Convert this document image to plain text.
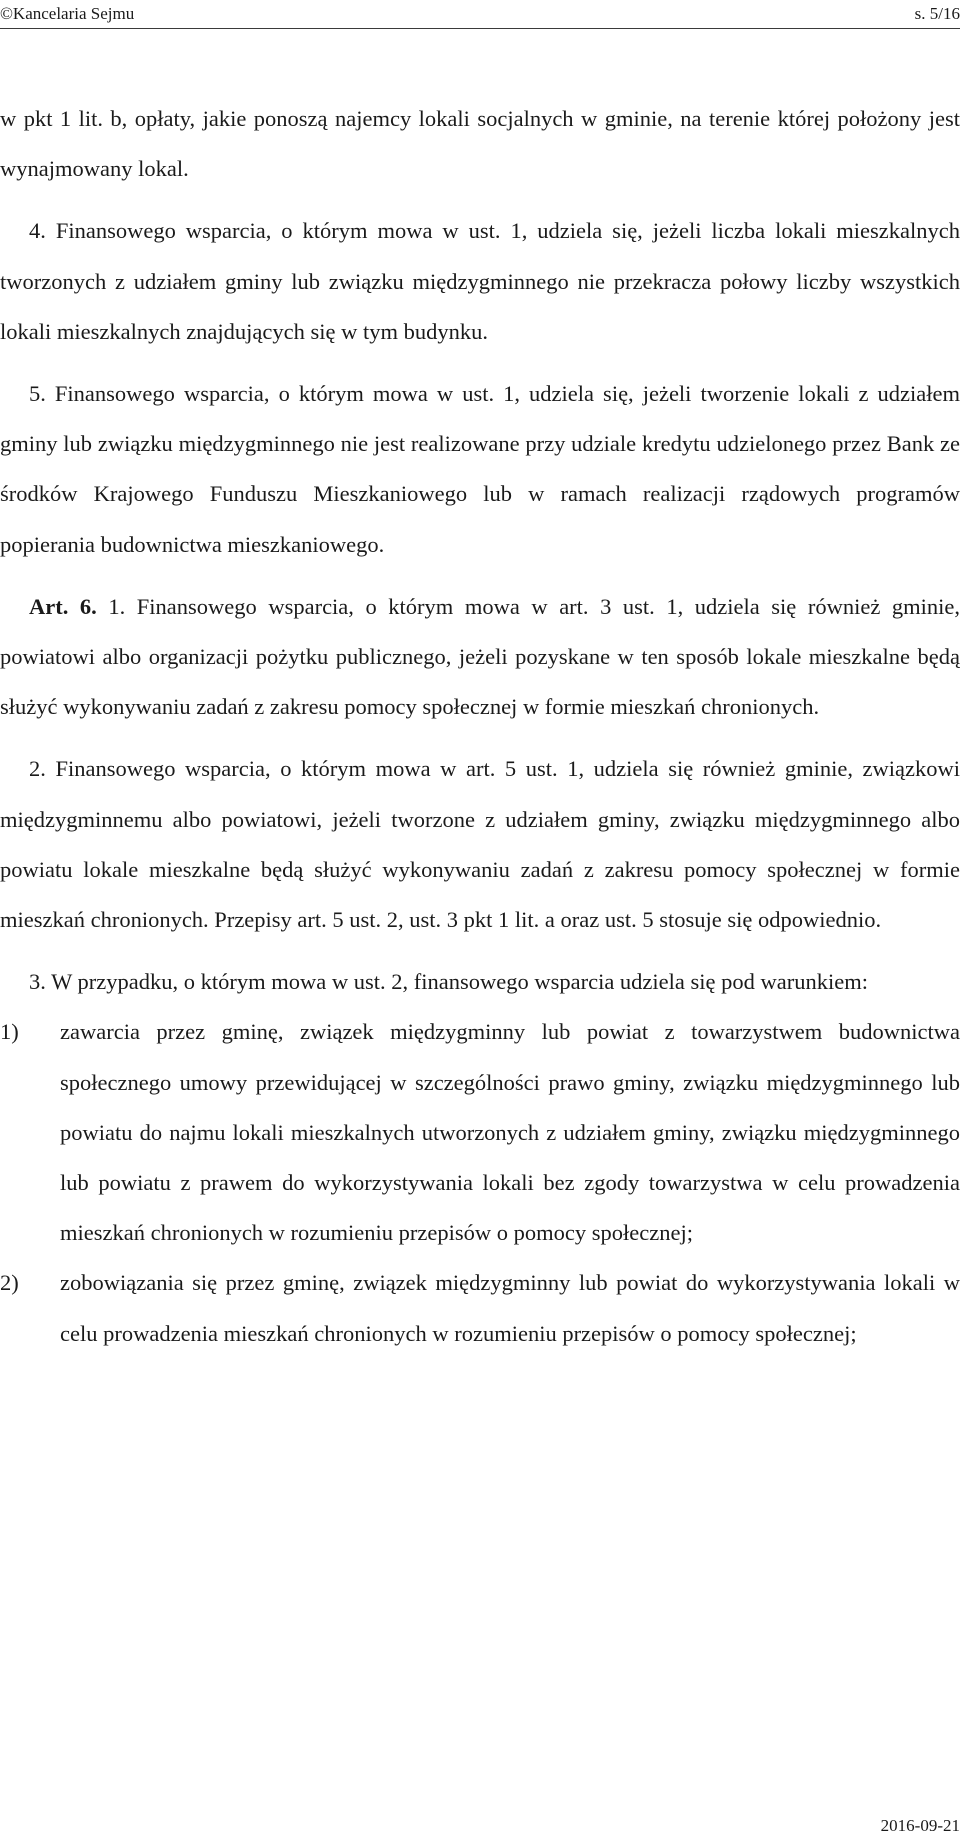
©Kancelaria Sejmu	s. 5/16

w pkt 1 lit. b, opłaty, jakie ponoszą najemcy lokali socjalnych w gminie, na terenie której położony jest wynajmowany lokal.

4. Finansowego wsparcia, o którym mowa w ust. 1, udziela się, jeżeli liczba lokali mieszkalnych tworzonych z udziałem gminy lub związku międzygminnego nie przekracza połowy liczby wszystkich lokali mieszkalnych znajdujących się w tym budynku.

5. Finansowego wsparcia, o którym mowa w ust. 1, udziela się, jeżeli tworzenie lokali z udziałem gminy lub związku międzygminnego nie jest realizowane przy udziale kredytu udzielonego przez Bank ze środków Krajowego Funduszu Mieszkaniowego lub w ramach realizacji rządowych programów popierania budownictwa mieszkaniowego.

Art. 6. 1. Finansowego wsparcia, o którym mowa w art. 3 ust. 1, udziela się również gminie, powiatowi albo organizacji pożytku publicznego, jeżeli pozyskane w ten sposób lokale mieszkalne będą służyć wykonywaniu zadań z zakresu pomocy społecznej w formie mieszkań chronionych.

2. Finansowego wsparcia, o którym mowa w art. 5 ust. 1, udziela się również gminie, związkowi międzygminnemu albo powiatowi, jeżeli tworzone z udziałem gminy, związku międzygminnego albo powiatu lokale mieszkalne będą służyć wykonywaniu zadań z zakresu pomocy społecznej w formie mieszkań chronionych. Przepisy art. 5 ust. 2, ust. 3 pkt 1 lit. a oraz ust. 5 stosuje się odpowiednio.

3. W przypadku, o którym mowa w ust. 2, finansowego wsparcia udziela się pod warunkiem:

1)	zawarcia przez gminę, związek międzygminny lub powiat z towarzystwem budownictwa społecznego umowy przewidującej w szczególności prawo gminy, związku międzygminnego lub powiatu do najmu lokali mieszkalnych utworzonych z udziałem gminy, związku międzygminnego lub powiatu z prawem do wykorzystywania lokali bez zgody towarzystwa w celu prowadzenia mieszkań chronionych w rozumieniu przepisów o pomocy społecznej;
2)	zobowiązania się przez gminę, związek międzygminny lub powiat do wykorzystywania lokali w celu prowadzenia mieszkań chronionych w rozumieniu przepisów o pomocy społecznej;
2016-09-21
